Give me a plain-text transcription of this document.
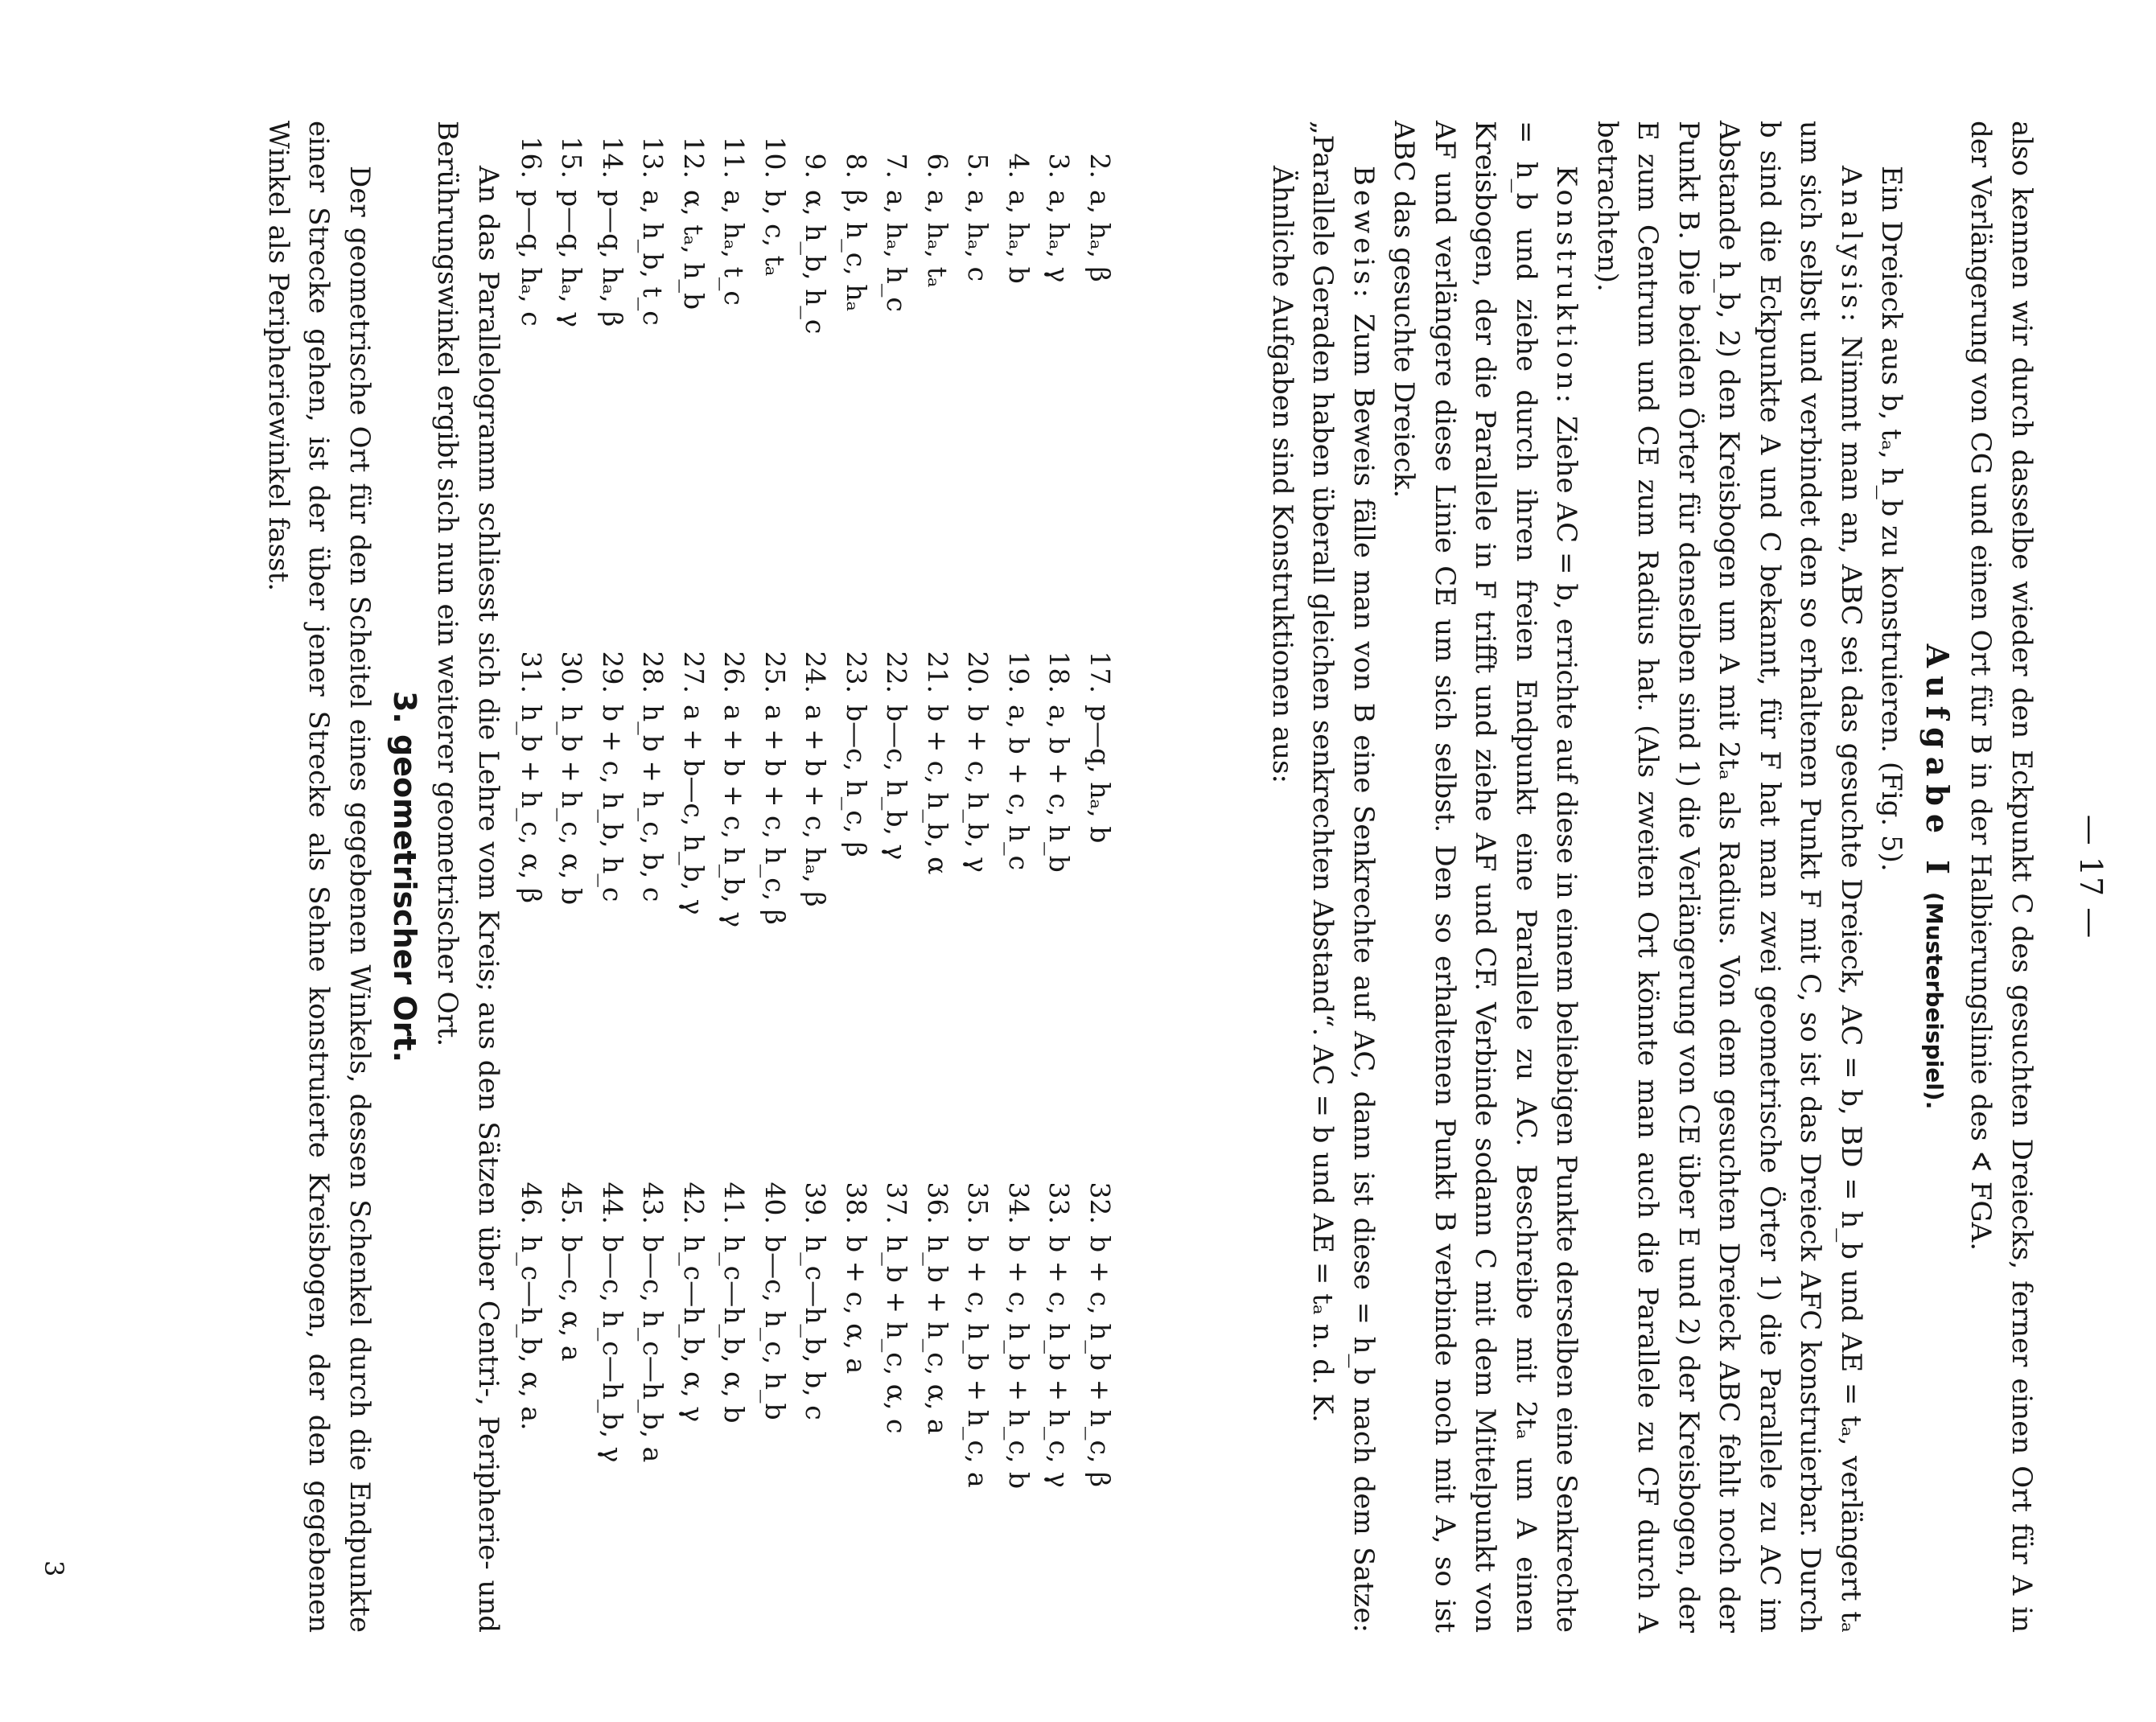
— 17 —

also kennen wir durch dasselbe wieder den Eckpunkt C des gesuchten Dreiecks, ferner einen Ort für A in der Verlängerung von CG und einen Ort für B in der Halbierungslinie des ∢ FGA.

Aufgabe I (Musterbeispiel).

Ein Dreieck aus b, tₐ, h_b zu konstruieren. (Fig. 5).

Analysis: Nimmt man an, ABC sei das gesuchte Dreieck, AC = b, BD = h_b und AE = tₐ, verlängert tₐ um sich selbst und verbindet den so erhaltenen Punkt F mit C, so ist das Dreieck AFC konstruierbar. Durch b sind die Eckpunkte A und C bekannt, für F hat man zwei geometrische Örter 1) die Parallele zu AC im Abstande h_b, 2) den Kreisbogen um A mit 2tₐ als Radius. Von dem gesuchten Dreieck ABC fehlt noch der Punkt B. Die beiden Örter für denselben sind 1) die Verlängerung von CE über E und 2) der Kreisbogen, der E zum Centrum und CE zum Radius hat. (Als zweiten Ort könnte man auch die Parallele zu CF durch A betrachten).

Konstruktion: Ziehe AC = b, errichte auf diese in einem beliebigen Punkte derselben eine Senkrechte = h_b und ziehe durch ihren freien Endpunkt eine Parallele zu AC. Beschreibe mit 2tₐ um A einen Kreisbogen, der die Parallele in F trifft und ziehe AF und CF. Verbinde sodann C mit dem Mittelpunkt von AF und verlängere diese Linie CE um sich selbst. Den so erhaltenen Punkt B verbinde noch mit A, so ist ABC das gesuchte Dreieck.

Beweis: Zum Beweis fälle man von B eine Senkrechte auf AC, dann ist diese = h_b nach dem Satze: „Parallele Geraden haben überall gleichen senkrechten Abstand“. AC = b und AE = tₐ n. d. K.

Ähnliche Aufgaben sind Konstruktionen aus:

2.a, hₐ, β
3.a, hₐ, γ
4.a, hₐ, b
5.a, hₐ, c
6.a, hₐ, tₐ
7.a, hₐ, h_c
8.β, h_c, hₐ
9.α, h_b, h_c
10.b, c, tₐ
11.a, hₐ, t_c
12.α, tₐ, h_b
13.a, h_b, t_c
14.p—q, hₐ, β
15.p—q, hₐ, γ
16.p—q, hₐ, c
17.p—q, hₐ, b
18.a, b + c, h_b
19.a, b + c, h_c
20.b + c, h_b, γ
21.b + c, h_b, α
22.b—c, h_b, γ
23.b—c, h_c, β
24.a + b + c, hₐ, β
25.a + b + c, h_c, β
26.a + b + c, h_b, γ
27.a + b—c, h_b, γ
28.h_b + h_c, b, c
29.b + c, h_b, h_c
30.h_b + h_c, α, b
31.h_b + h_c, α, β
32.b + c, h_b + h_c, β
33.b + c, h_b + h_c, γ
34.b + c, h_b + h_c, b
35.b + c, h_b + h_c, a
36.h_b + h_c, α, a
37.h_b + h_c, α, c
38.b + c, α, a
39.h_c—h_b, b, c
40.b—c, h_c, h_b
41.h_c—h_b, α, b
42.h_c—h_b, α, γ
43.b—c, h_c—h_b, a
44.b—c, h_c—h_b, γ
45.b—c, α, a
46.h_c—h_b, α, a.

An das Parallelogramm schliesst sich die Lehre vom Kreis; aus den Sätzen über Centri-, Peripherie- und Berührungswinkel ergibt sich nun ein weiterer geometrischer Ort.

3. geometrischer Ort.

Der geometrische Ort für den Scheitel eines gegebenen Winkels, dessen Schenkel durch die Endpunkte einer Strecke gehen, ist der über jener Strecke als Sehne konstruierte Kreisbogen, der den gegebenen Winkel als Peripheriewinkel fasst.

3
